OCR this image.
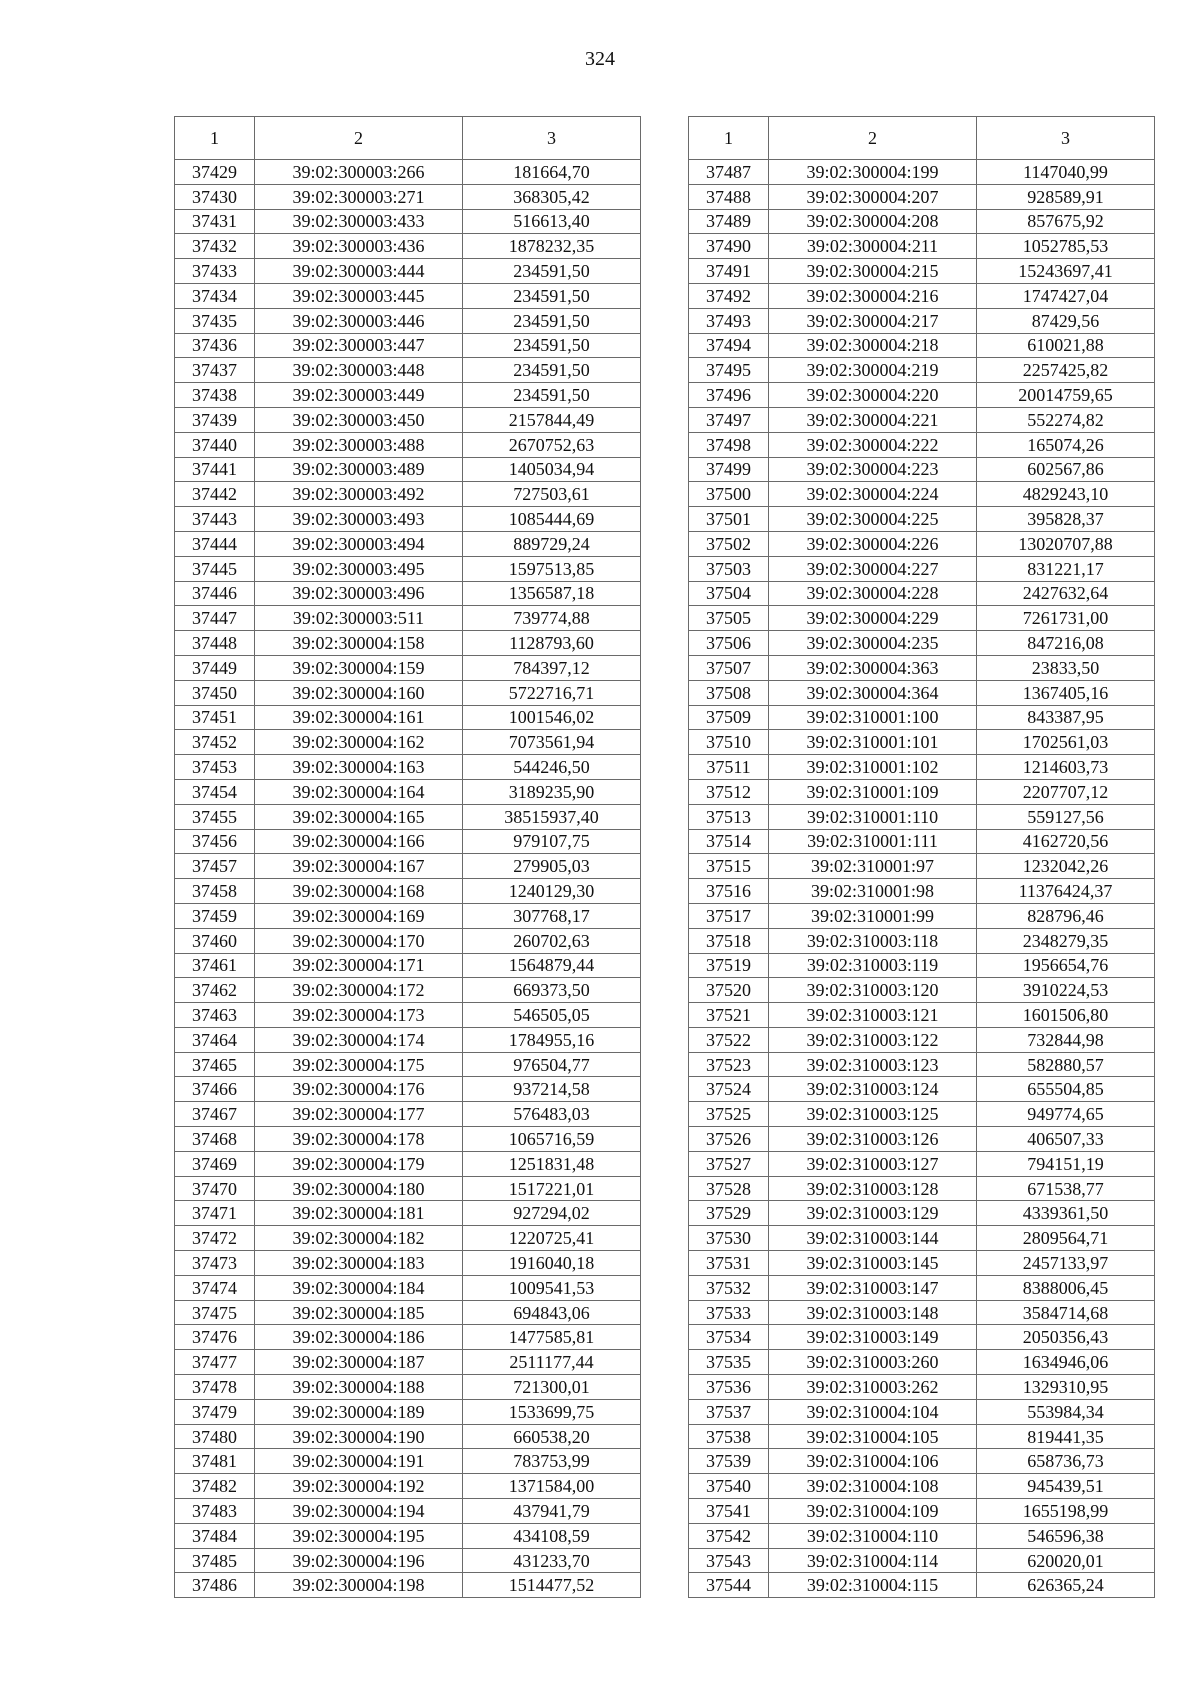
324
1	2	3
37429	39:02:300003:266	181664,70
37430	39:02:300003:271	368305,42
37431	39:02:300003:433	516613,40
37432	39:02:300003:436	1878232,35
37433	39:02:300003:444	234591,50
37434	39:02:300003:445	234591,50
37435	39:02:300003:446	234591,50
37436	39:02:300003:447	234591,50
37437	39:02:300003:448	234591,50
37438	39:02:300003:449	234591,50
37439	39:02:300003:450	2157844,49
37440	39:02:300003:488	2670752,63
37441	39:02:300003:489	1405034,94
37442	39:02:300003:492	727503,61
37443	39:02:300003:493	1085444,69
37444	39:02:300003:494	889729,24
37445	39:02:300003:495	1597513,85
37446	39:02:300003:496	1356587,18
37447	39:02:300003:511	739774,88
37448	39:02:300004:158	1128793,60
37449	39:02:300004:159	784397,12
37450	39:02:300004:160	5722716,71
37451	39:02:300004:161	1001546,02
37452	39:02:300004:162	7073561,94
37453	39:02:300004:163	544246,50
37454	39:02:300004:164	3189235,90
37455	39:02:300004:165	38515937,40
37456	39:02:300004:166	979107,75
37457	39:02:300004:167	279905,03
37458	39:02:300004:168	1240129,30
37459	39:02:300004:169	307768,17
37460	39:02:300004:170	260702,63
37461	39:02:300004:171	1564879,44
37462	39:02:300004:172	669373,50
37463	39:02:300004:173	546505,05
37464	39:02:300004:174	1784955,16
37465	39:02:300004:175	976504,77
37466	39:02:300004:176	937214,58
37467	39:02:300004:177	576483,03
37468	39:02:300004:178	1065716,59
37469	39:02:300004:179	1251831,48
37470	39:02:300004:180	1517221,01
37471	39:02:300004:181	927294,02
37472	39:02:300004:182	1220725,41
37473	39:02:300004:183	1916040,18
37474	39:02:300004:184	1009541,53
37475	39:02:300004:185	694843,06
37476	39:02:300004:186	1477585,81
37477	39:02:300004:187	2511177,44
37478	39:02:300004:188	721300,01
37479	39:02:300004:189	1533699,75
37480	39:02:300004:190	660538,20
37481	39:02:300004:191	783753,99
37482	39:02:300004:192	1371584,00
37483	39:02:300004:194	437941,79
37484	39:02:300004:195	434108,59
37485	39:02:300004:196	431233,70
37486	39:02:300004:198	1514477,52
1	2	3
37487	39:02:300004:199	1147040,99
37488	39:02:300004:207	928589,91
37489	39:02:300004:208	857675,92
37490	39:02:300004:211	1052785,53
37491	39:02:300004:215	15243697,41
37492	39:02:300004:216	1747427,04
37493	39:02:300004:217	87429,56
37494	39:02:300004:218	610021,88
37495	39:02:300004:219	2257425,82
37496	39:02:300004:220	20014759,65
37497	39:02:300004:221	552274,82
37498	39:02:300004:222	165074,26
37499	39:02:300004:223	602567,86
37500	39:02:300004:224	4829243,10
37501	39:02:300004:225	395828,37
37502	39:02:300004:226	13020707,88
37503	39:02:300004:227	831221,17
37504	39:02:300004:228	2427632,64
37505	39:02:300004:229	7261731,00
37506	39:02:300004:235	847216,08
37507	39:02:300004:363	23833,50
37508	39:02:300004:364	1367405,16
37509	39:02:310001:100	843387,95
37510	39:02:310001:101	1702561,03
37511	39:02:310001:102	1214603,73
37512	39:02:310001:109	2207707,12
37513	39:02:310001:110	559127,56
37514	39:02:310001:111	4162720,56
37515	39:02:310001:97	1232042,26
37516	39:02:310001:98	11376424,37
37517	39:02:310001:99	828796,46
37518	39:02:310003:118	2348279,35
37519	39:02:310003:119	1956654,76
37520	39:02:310003:120	3910224,53
37521	39:02:310003:121	1601506,80
37522	39:02:310003:122	732844,98
37523	39:02:310003:123	582880,57
37524	39:02:310003:124	655504,85
37525	39:02:310003:125	949774,65
37526	39:02:310003:126	406507,33
37527	39:02:310003:127	794151,19
37528	39:02:310003:128	671538,77
37529	39:02:310003:129	4339361,50
37530	39:02:310003:144	2809564,71
37531	39:02:310003:145	2457133,97
37532	39:02:310003:147	8388006,45
37533	39:02:310003:148	3584714,68
37534	39:02:310003:149	2050356,43
37535	39:02:310003:260	1634946,06
37536	39:02:310003:262	1329310,95
37537	39:02:310004:104	553984,34
37538	39:02:310004:105	819441,35
37539	39:02:310004:106	658736,73
37540	39:02:310004:108	945439,51
37541	39:02:310004:109	1655198,99
37542	39:02:310004:110	546596,38
37543	39:02:310004:114	620020,01
37544	39:02:310004:115	626365,24
